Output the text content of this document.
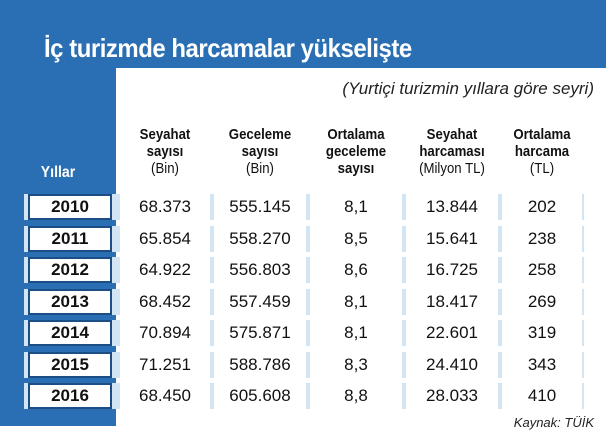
İç turizmde harcamalar yükselişte
(Yurtiçi turizmin yıllara göre seyri)
Yıllar
Seyahat
sayısı
(Bin)
Geceleme
sayısı
(Bin)
Ortalama
geceleme
sayısı
Seyahat
harcaması
(Milyon TL)
Ortalama
harcama
(TL)
2010	68.373	555.145	8,1	13.844	202
2011	65.854	558.270	8,5	15.641	238
2012	64.922	556.803	8,6	16.725	258
2013	68.452	557.459	8,1	18.417	269
2014	70.894	575.871	8,1	22.601	319
2015	71.251	588.786	8,3	24.410	343
2016	68.450	605.608	8,8	28.033	410
Kaynak: TÜİK
